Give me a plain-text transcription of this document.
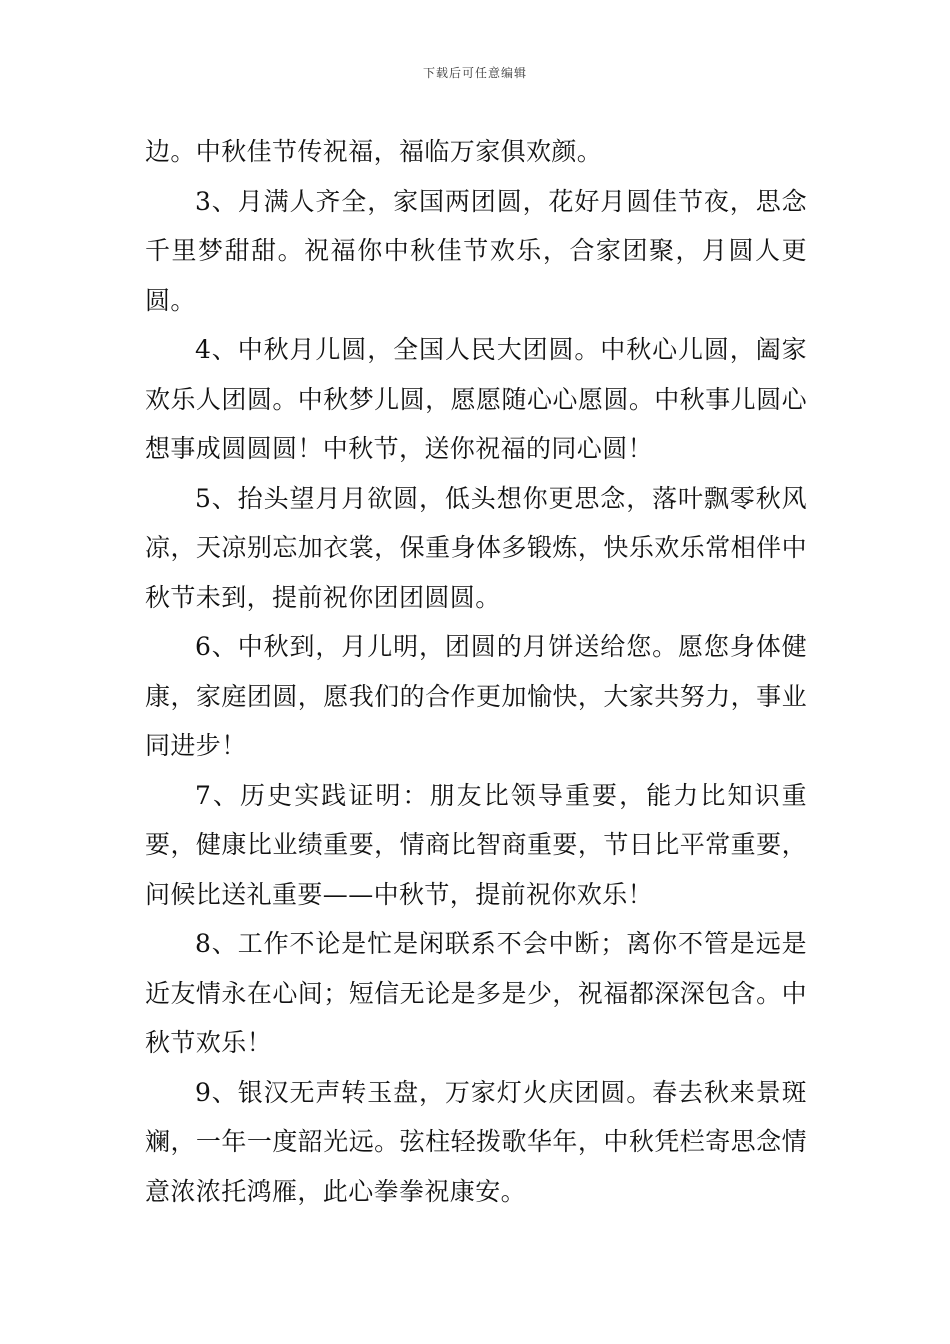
下载后可任意编辑

边。中秋佳节传祝福，福临万家俱欢颜。

3、月满人齐全，家国两团圆，花好月圆佳节夜，思念千里梦甜甜。祝福你中秋佳节欢乐，合家团聚，月圆人更圆。

4、中秋月儿圆，全国人民大团圆。中秋心儿圆，阖家欢乐人团圆。中秋梦儿圆，愿愿随心心愿圆。中秋事儿圆心想事成圆圆圆！中秋节，送你祝福的同心圆！

5、抬头望月月欲圆，低头想你更思念，落叶飘零秋风凉，天凉别忘加衣裳，保重身体多锻炼，快乐欢乐常相伴中秋节未到，提前祝你团团圆圆。

6、中秋到，月儿明，团圆的月饼送给您。愿您身体健康，家庭团圆，愿我们的合作更加愉快，大家共努力，事业同进步！

7、历史实践证明：朋友比领导重要，能力比知识重要，健康比业绩重要，情商比智商重要，节日比平常重要，问候比送礼重要——中秋节，提前祝你欢乐！

8、工作不论是忙是闲联系不会中断；离你不管是远是近友情永在心间；短信无论是多是少，祝福都深深包含。中秋节欢乐！

9、银汉无声转玉盘，万家灯火庆团圆。春去秋来景斑斓，一年一度韶光远。弦柱轻拨歌华年，中秋凭栏寄思念情意浓浓托鸿雁，此心拳拳祝康安。
